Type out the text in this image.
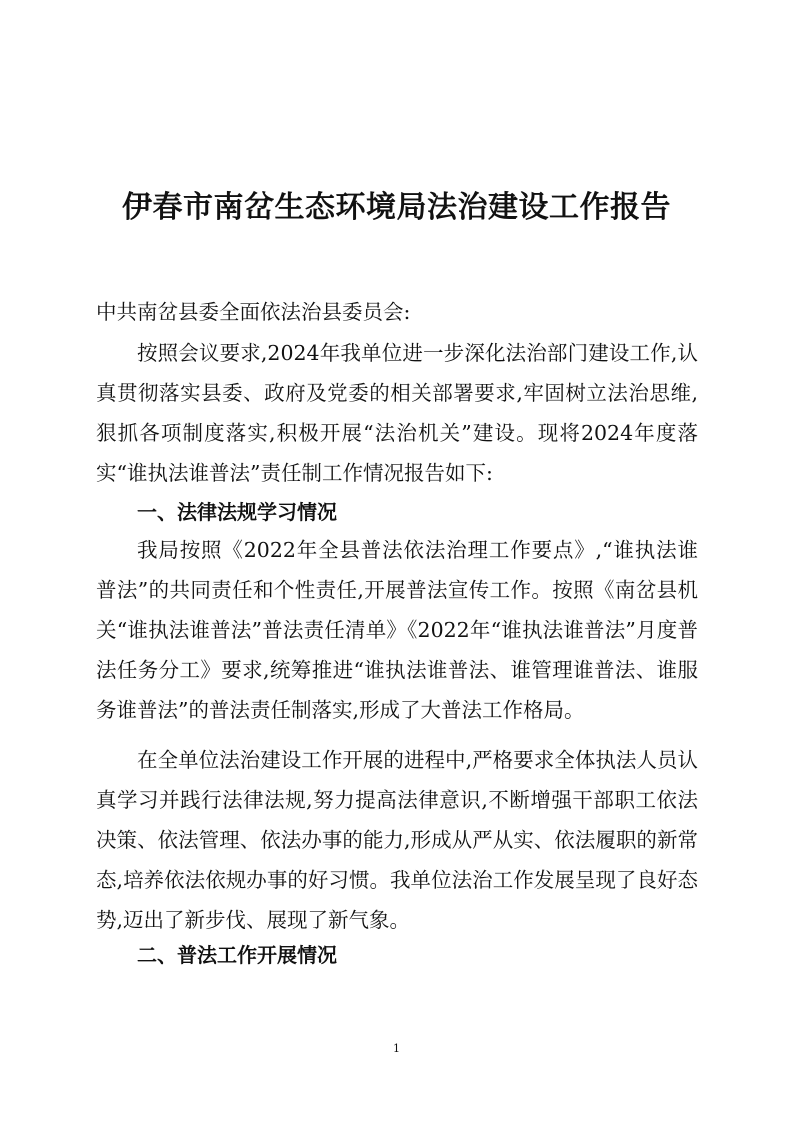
伊春市南岔生态环境局法治建设工作报告

中共南岔县委全面依法治县委员会:

按照会议要求,2024年我单位进一步深化法治部门建设工作,认真贯彻落实县委、政府及党委的相关部署要求,牢固树立法治思维,狠抓各项制度落实,积极开展“法治机关”建设。现将2024年度落实“谁执法谁普法”责任制工作情况报告如下:

一、法律法规学习情况

我局按照《2022年全县普法依法治理工作要点》,“谁执法谁普法”的共同责任和个性责任,开展普法宣传工作。按照《南岔县机关“谁执法谁普法”普法责任清单》《2022年“谁执法谁普法”月度普法任务分工》要求,统筹推进“谁执法谁普法、谁管理谁普法、谁服务谁普法”的普法责任制落实,形成了大普法工作格局。

在全单位法治建设工作开展的进程中,严格要求全体执法人员认真学习并践行法律法规,努力提高法律意识,不断增强干部职工依法决策、依法管理、依法办事的能力,形成从严从实、依法履职的新常态,培养依法依规办事的好习惯。我单位法治工作发展呈现了良好态势,迈出了新步伐、展现了新气象。

二、普法工作开展情况

1
